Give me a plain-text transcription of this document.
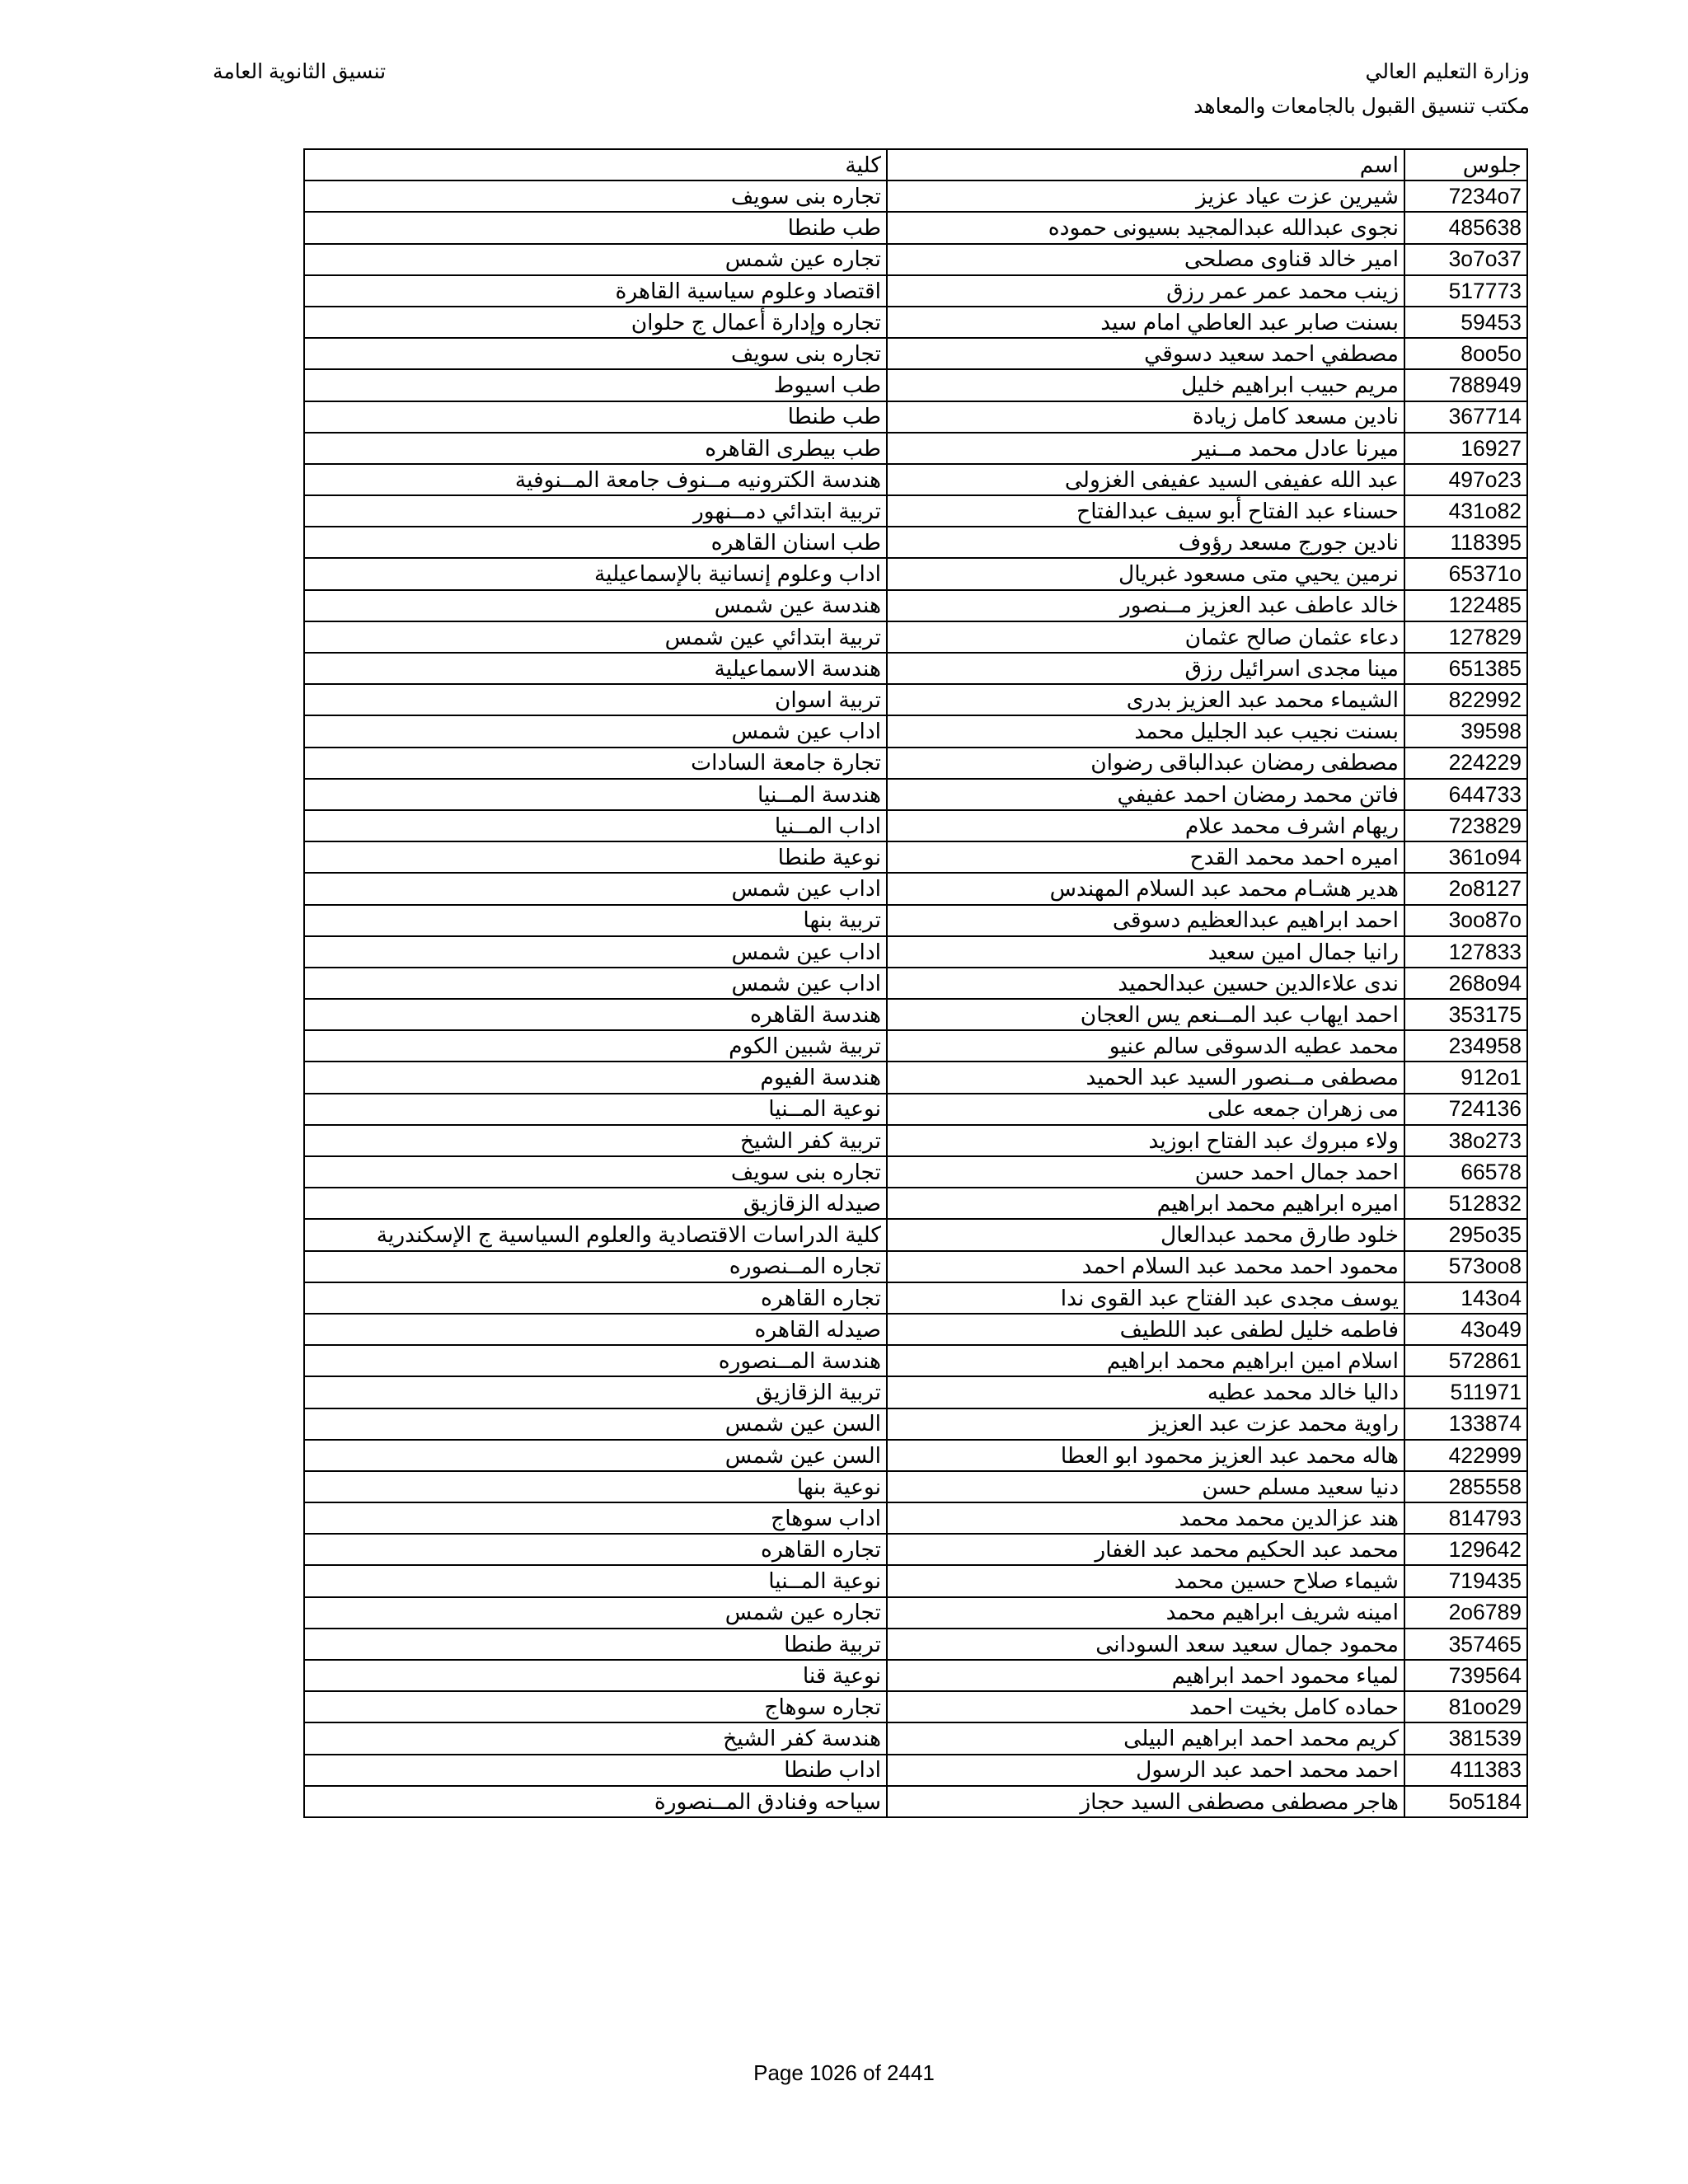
وزارة التعليم العالي
مكتب تنسيق القبول بالجامعات والمعاهد
تنسيق الثانوية العامة
جلوس	اسم	كلية
7234o7	شيرين عزت عياد عزيز	تجاره بنى سويف
485638	نجوى عبدالله عبدالمجيد بسيونى حموده	طب طنطا
3o7o37	امير خالد قناوى مصلحى	تجاره عين شمس
517773	زينب محمد عمر عمر رزق	اقتصاد وعلوم سياسية القاهرة
59453	بسنت صابر عبد العاطي امام سيد	تجاره وإدارة أعمال ج حلوان
8oo5o	مصطفي احمد سعيد دسوقي	تجاره بنى سويف
788949	مريم حبيب ابراهيم خليل	طب اسيوط
367714	نادين مسعد كامل زيادة	طب طنطا
16927	ميرنا عادل محمد مــنير	طب بيطرى القاهره
497o23	عبد الله عفيفى السيد عفيفى الغزولى	هندسة الكترونيه مــنوف جامعة المــنوفية
431o82	حسناء عبد الفتاح أبو سيف عبدالفتاح	تربية ابتدائي دمــنهور
118395	نادين جورج مسعد رؤوف	طب اسنان القاهره
65371o	نرمين يحيي متى مسعود غبريال	اداب وعلوم إنسانية بالإسماعيلية
122485	خالد عاطف عبد العزيز مــنصور	هندسة عين شمس
127829	دعاء عثمان صالح عثمان	تربية ابتدائي عين شمس
651385	مينا مجدى اسرائيل رزق	هندسة الاسماعيلية
822992	الشيماء محمد عبد العزيز بدرى	تربية اسوان
39598	بسنت نجيب عبد الجليل محمد	اداب عين شمس
224229	مصطفى رمضان عبدالباقى رضوان	تجارة جامعة السادات
644733	فاتن محمد رمضان احمد عفيفي	هندسة المــنيا
723829	ريهام اشرف محمد علام	اداب المــنيا
361o94	اميره احمد محمد القدح	نوعية طنطا
2o8127	هدير هشـام محمد عبد السلام المهندس	اداب عين شمس
3oo87o	احمد ابراهيم عبدالعظيم دسوقى	تربية بنها
127833	رانيا جمال امين سعيد	اداب عين شمس
268o94	ندى علاءالدين حسين عبدالحميد	اداب عين شمس
353175	احمد ايهاب عبد المــنعم يس العجان	هندسة القاهره
234958	محمد عطيه الدسوقى سالم عنيو	تربية شبين الكوم
912o1	مصطفى مــنصور السيد عبد الحميد	هندسة الفيوم
724136	مى زهران جمعه على	نوعية المــنيا
38o273	ولاء مبروك عبد الفتاح ابوزيد	تربية كفر الشيخ
66578	احمد جمال احمد حسن	تجاره بنى سويف
512832	اميره ابراهيم محمد ابراهيم	صيدله الزقازيق
295o35	خلود طارق محمد عبدالعال	كلية الدراسات الاقتصادية والعلوم السياسية ج الإسكندرية
573oo8	محمود احمد محمد عبد السلام احمد	تجاره المــنصوره
143o4	يوسف مجدى عبد الفتاح عبد القوى ندا	تجاره القاهره
43o49	فاطمه خليل لطفى عبد اللطيف	صيدله القاهره
572861	اسلام امين ابراهيم محمد ابراهيم	هندسة المــنصوره
511971	داليا خالد محمد عطيه	تربية الزقازيق
133874	راوية محمد عزت عبد العزيز	السن عين شمس
422999	هاله محمد عبد العزيز محمود ابو العطا	السن عين شمس
285558	دنيا سعيد مسلم حسن	نوعية بنها
814793	هند عزالدين محمد محمد	اداب سوهاج
129642	محمد عبد الحكيم محمد عبد الغفار	تجاره القاهره
719435	شيماء صلاح حسين محمد	نوعية المــنيا
2o6789	امينه شريف ابراهيم محمد	تجاره عين شمس
357465	محمود جمال سعيد سعد السودانى	تربية طنطا
739564	لمياء محمود احمد ابراهيم	نوعية قنا
81oo29	حماده كامل بخيت احمد	تجاره سوهاج
381539	كريم محمد احمد ابراهيم البيلى	هندسة كفر الشيخ
411383	احمد محمد احمد عبد الرسول	اداب طنطا
5o5184	هاجر مصطفى مصطفى السيد حجاز	سياحه وفنادق المــنصورة
Page 1026 of 2441
